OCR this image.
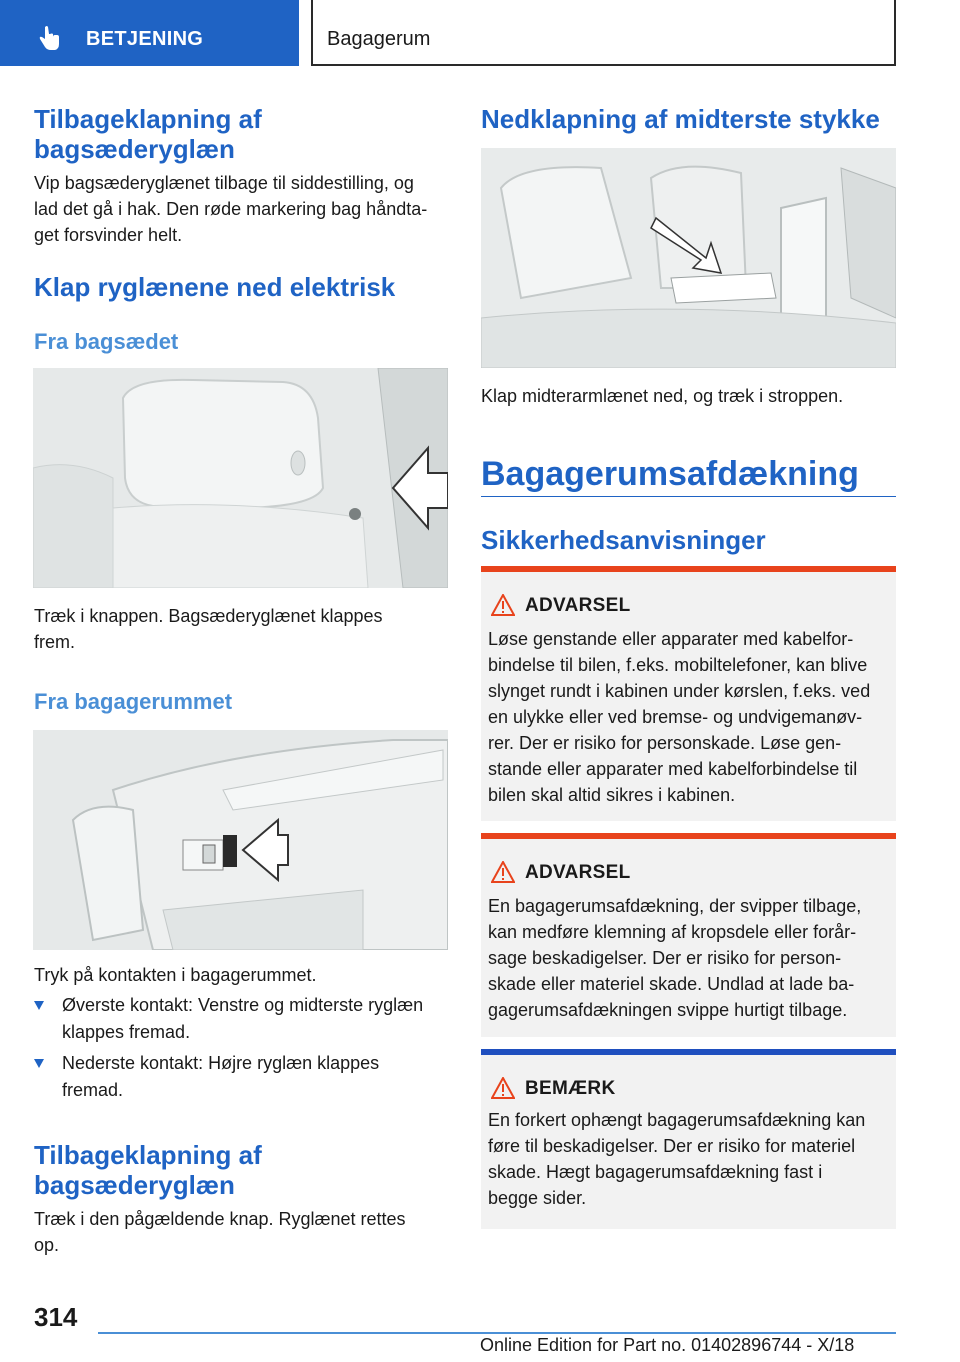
BETJENING	Bagagerum
Tilbageklapning af
bagsæderyglæn
Vip bagsæderyglænet tilbage til siddestilling, og
lad det gå i hak. Den røde markering bag håndta-
get forsvinder helt.
Klap ryglænene ned elektrisk
Fra bagsædet
Træk i knappen. Bagsæderyglænet klappes
frem.
Fra bagagerummet
Tryk på kontakten i bagagerummet.
Øverste kontakt: Venstre og midterste ryglæn
klappes fremad.
Nederste kontakt: Højre ryglæn klappes
fremad.
Tilbageklapning af
bagsæderyglæn
Træk i den pågældende knap. Ryglænet rettes
op.
Nedklapning af midterste stykke
Klap midterarmlænet ned, og træk i stroppen.
Bagagerumsafdækning
Sikkerhedsanvisninger
ADVARSEL
Løse genstande eller apparater med kabelfor-
bindelse til bilen, f.eks. mobiltelefoner, kan blive
slynget rundt i kabinen under kørslen, f.eks. ved
en ulykke eller ved bremse- og undvigemanøv-
rer. Der er risiko for personskade. Løse gen-
stande eller apparater med kabelforbindelse til
bilen skal altid sikres i kabinen.
ADVARSEL
En bagagerumsafdækning, der svipper tilbage,
kan medføre klemning af kropsdele eller forår-
sage beskadigelser. Der er risiko for person-
skade eller materiel skade. Undlad at lade ba-
gagerumsafdækningen svippe hurtigt tilbage.
BEMÆRK
En forkert ophængt bagagerumsafdækning kan
føre til beskadigelser. Der er risiko for materiel
skade. Hægt bagagerumsafdækning fast i
begge sider.
314
Online Edition for Part no. 01402896744 - X/18
